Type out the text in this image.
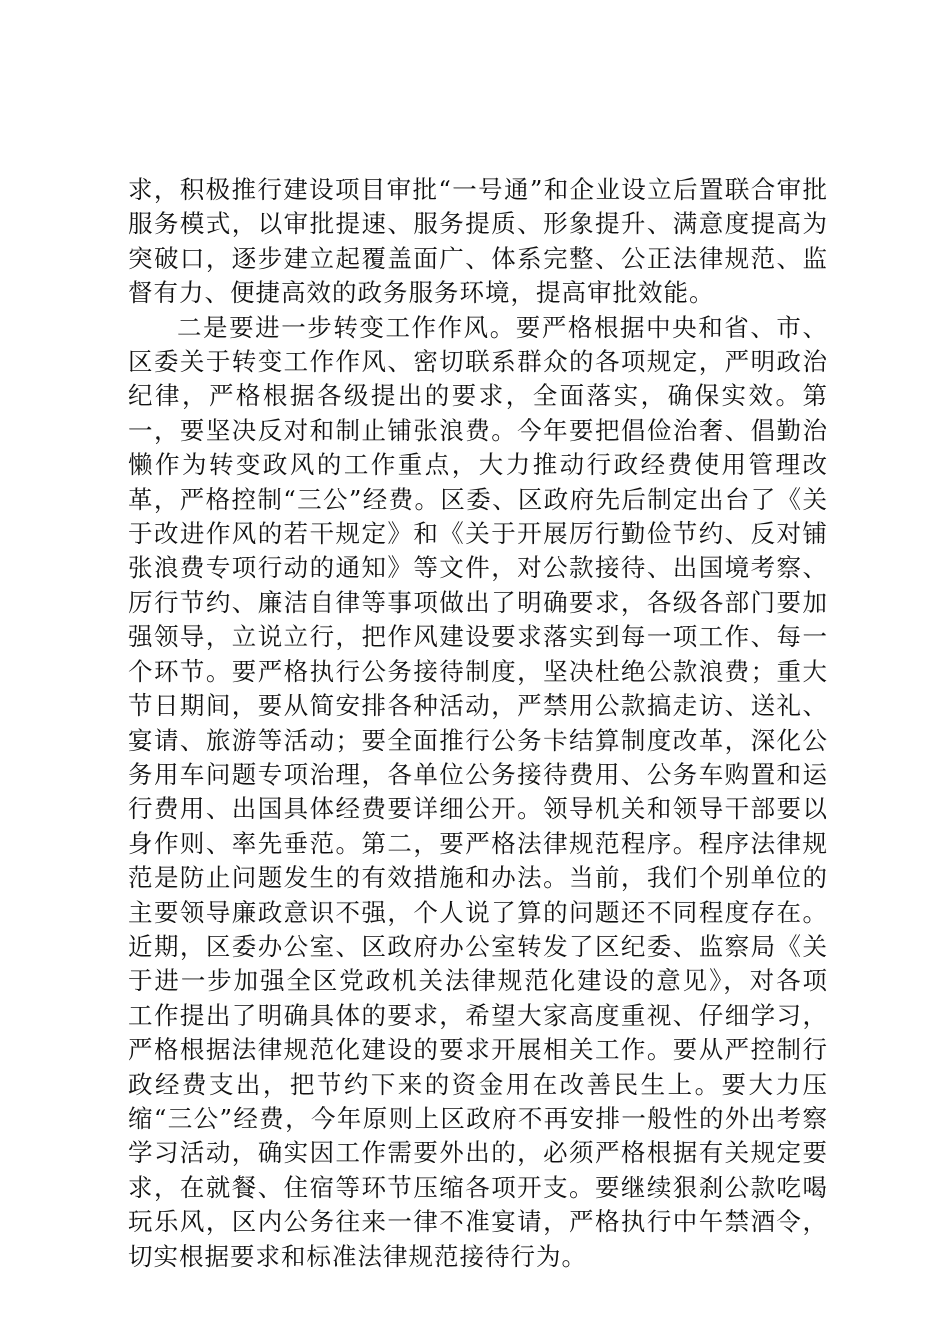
求，积极推行建设项目审批“一号通”和企业设立后置联合审批服务模式，以审批提速、服务提质、形象提升、满意度提高为突破口，逐步建立起覆盖面广、体系完整、公正法律规范、监督有力、便捷高效的政务服务环境，提高审批效能。

二是要进一步转变工作作风。要严格根据中央和省、市、区委关于转变工作作风、密切联系群众的各项规定，严明政治纪律，严格根据各级提出的要求，全面落实，确保实效。第一，要坚决反对和制止铺张浪费。今年要把倡俭治奢、倡勤治懒作为转变政风的工作重点，大力推动行政经费使用管理改革，严格控制“三公”经费。区委、区政府先后制定出台了《关于改进作风的若干规定》和《关于开展厉行勤俭节约、反对铺张浪费专项行动的通知》等文件，对公款接待、出国境考察、厉行节约、廉洁自律等事项做出了明确要求，各级各部门要加强领导，立说立行，把作风建设要求落实到每一项工作、每一个环节。要严格执行公务接待制度，坚决杜绝公款浪费；重大节日期间，要从简安排各种活动，严禁用公款搞走访、送礼、宴请、旅游等活动；要全面推行公务卡结算制度改革，深化公务用车问题专项治理，各单位公务接待费用、公务车购置和运行费用、出国具体经费要详细公开。领导机关和领导干部要以身作则、率先垂范。第二，要严格法律规范程序。程序法律规范是防止问题发生的有效措施和办法。当前，我们个别单位的主要领导廉政意识不强，个人说了算的问题还不同程度存在。近期，区委办公室、区政府办公室转发了区纪委、监察局《关于进一步加强全区党政机关法律规范化建设的意见》，对各项工作提出了明确具体的要求，希望大家高度重视、仔细学习，严格根据法律规范化建设的要求开展相关工作。要从严控制行政经费支出，把节约下来的资金用在改善民生上。要大力压缩“三公”经费，今年原则上区政府不再安排一般性的外出考察学习活动，确实因工作需要外出的，必须严格根据有关规定要求，在就餐、住宿等环节压缩各项开支。要继续狠刹公款吃喝玩乐风，区内公务往来一律不准宴请，严格执行中午禁酒令，切实根据要求和标准法律规范接待行为。
